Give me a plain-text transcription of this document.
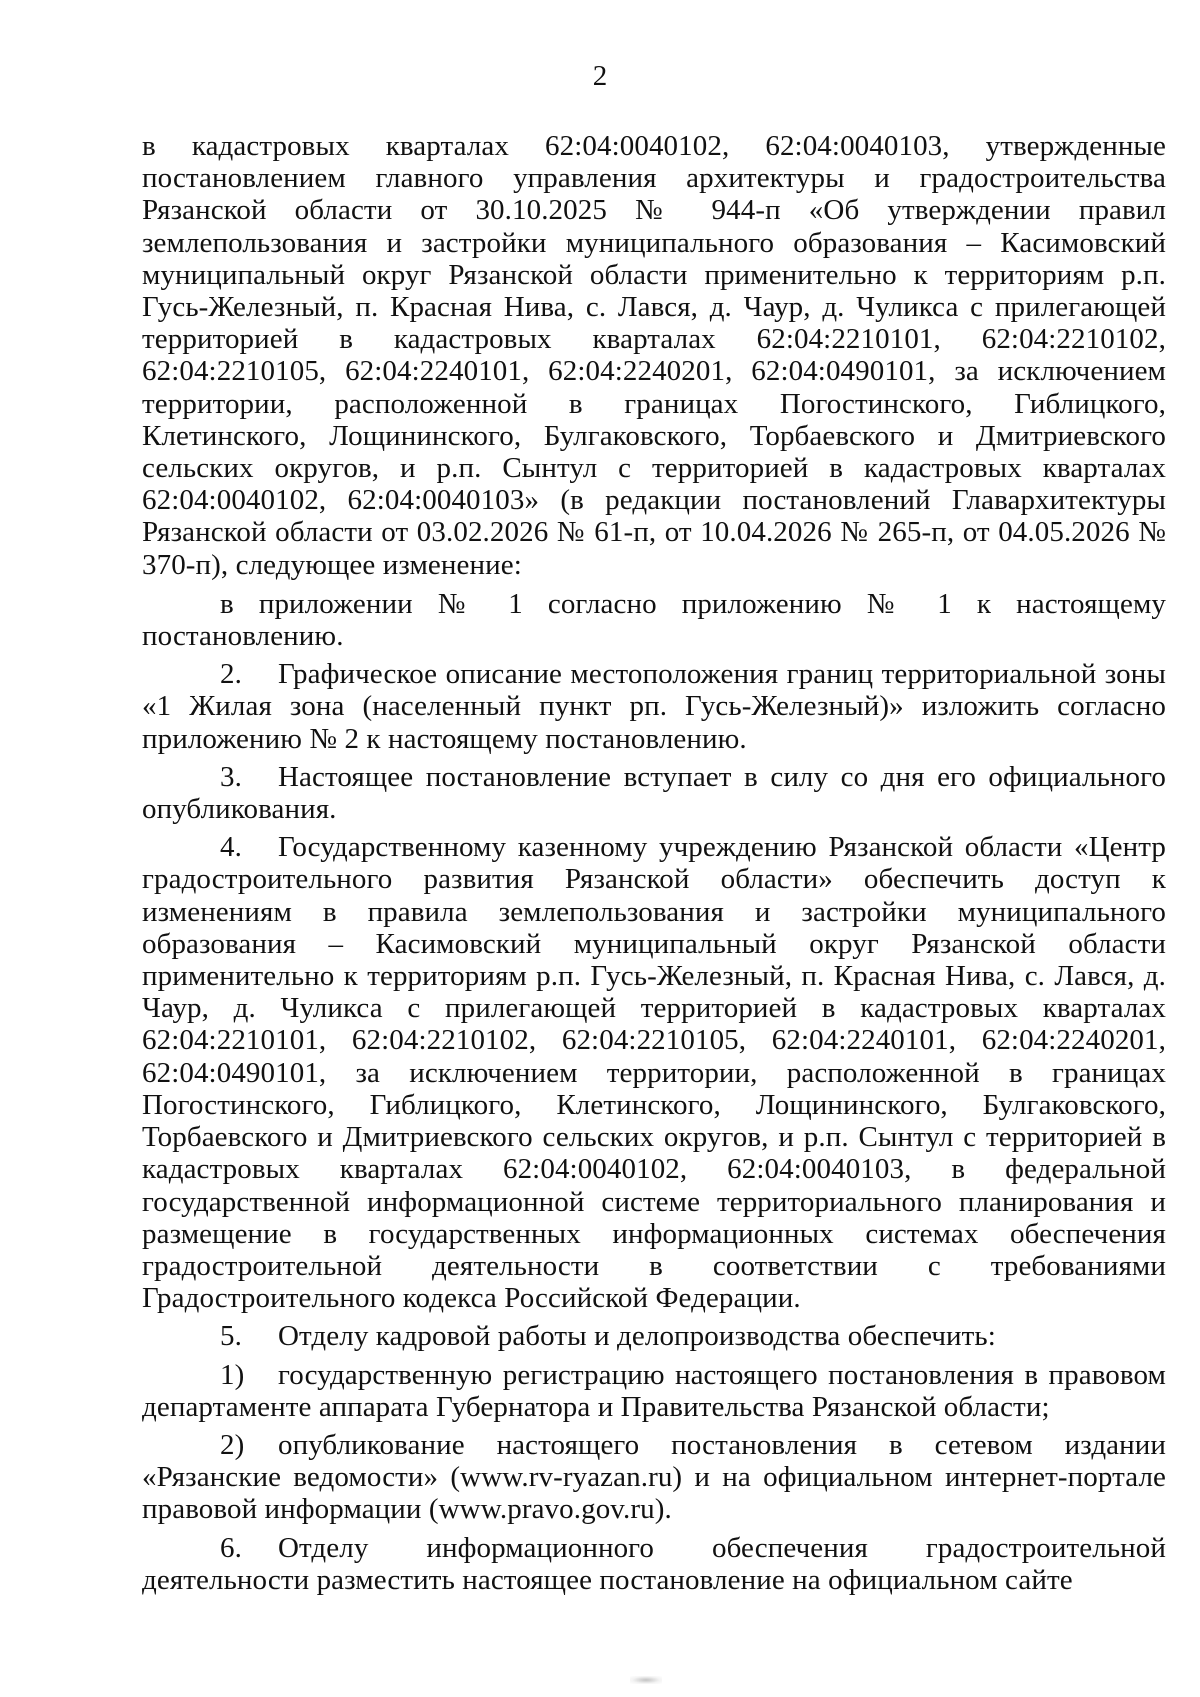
2

в кадастровых кварталах 62:04:0040102, 62:04:0040103, утвержденные постановлением главного управления архитектуры и градостроительства Рязанской области от 30.10.2025 № 944-п «Об утверждении правил землепользования и застройки муниципального образования – Касимовский муниципальный округ Рязанской области применительно к территориям р.п. Гусь-Железный, п. Красная Нива, с. Лався, д. Чаур, д. Чуликса с прилегающей территорией в кадастровых кварталах 62:04:2210101, 62:04:2210102, 62:04:2210105, 62:04:2240101, 62:04:2240201, 62:04:0490101, за исключением территории, расположенной в границах Погостинского, Гиблицкого, Клетинского, Лощининского, Булгаковского, Торбаевского и Дмитриевского сельских округов, и р.п. Сынтул с территорией в кадастровых кварталах 62:04:0040102, 62:04:0040103» (в редакции постановлений Главархитектуры Рязанской области от 03.02.2026 № 61-п, от 10.04.2026 № 265-п, от 04.05.2026 № 370-п), следующее изменение:

в приложении № 1 согласно приложению № 1 к настоящему постановлению.

2. Графическое описание местоположения границ территориальной зоны «1 Жилая зона (населенный пункт рп. Гусь-Железный)» изложить согласно приложению № 2 к настоящему постановлению.

3. Настоящее постановление вступает в силу со дня его официального опубликования.

4. Государственному казенному учреждению Рязанской области «Центр градостроительного развития Рязанской области» обеспечить доступ к изменениям в правила землепользования и застройки муниципального образования – Касимовский муниципальный округ Рязанской области применительно к территориям р.п. Гусь-Железный, п. Красная Нива, с. Лався, д. Чаур, д. Чуликса с прилегающей территорией в кадастровых кварталах 62:04:2210101, 62:04:2210102, 62:04:2210105, 62:04:2240101, 62:04:2240201, 62:04:0490101, за исключением территории, расположенной в границах Погостинского, Гиблицкого, Клетинского, Лощининского, Булгаковского, Торбаевского и Дмитриевского сельских округов, и р.п. Сынтул с территорией в кадастровых кварталах 62:04:0040102, 62:04:0040103, в федеральной государственной информационной системе территориального планирования и размещение в государственных информационных системах обеспечения градостроительной деятельности в соответствии с требованиями Градостроительного кодекса Российской Федерации.

5. Отделу кадровой работы и делопроизводства обеспечить:

1) государственную регистрацию настоящего постановления в правовом департаменте аппарата Губернатора и Правительства Рязанской области;

2) опубликование настоящего постановления в сетевом издании «Рязанские ведомости» (www.rv-ryazan.ru) и на официальном интернет-портале правовой информации (www.pravo.gov.ru).

6. Отделу информационного обеспечения градостроительной деятельности разместить настоящее постановление на официальном сайте
